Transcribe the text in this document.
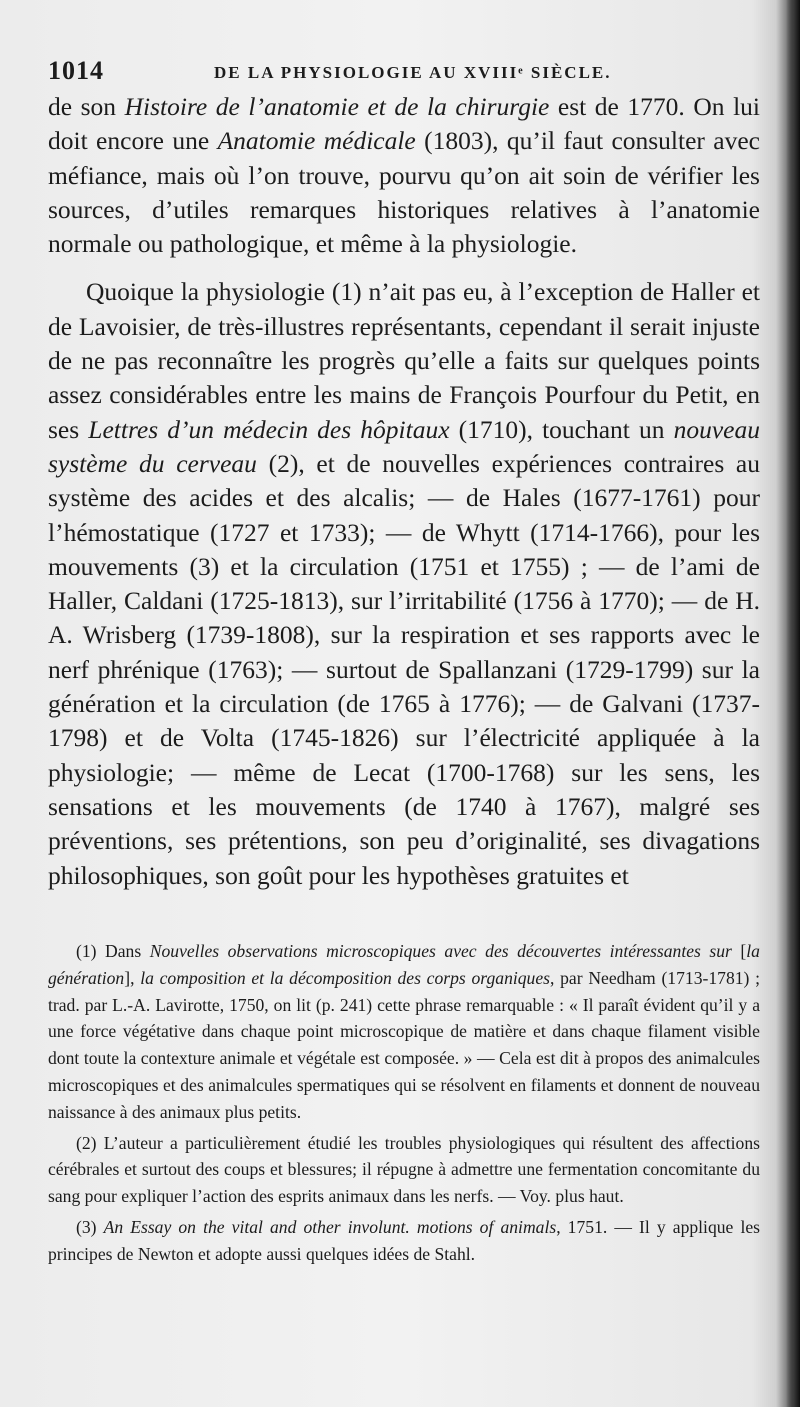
1014	DE LA PHYSIOLOGIE AU XVIIIᵉ SIÈCLE.

de son Histoire de l’anatomie et de la chirurgie est de 1770. On lui doit encore une Anatomie médicale (1803), qu’il faut consulter avec méfiance, mais où l’on trouve, pourvu qu’on ait soin de vérifier les sources, d’utiles remarques historiques relatives à l’anatomie normale ou pathologique, et même à la physiologie.

Quoique la physiologie (1) n’ait pas eu, à l’exception de Haller et de Lavoisier, de très-illustres représentants, cependant il serait injuste de ne pas reconnaître les progrès qu’elle a faits sur quelques points assez considérables entre les mains de François Pourfour du Petit, en ses Lettres d’un médecin des hôpitaux (1710), touchant un nouveau système du cerveau (2), et de nouvelles expériences contraires au système des acides et des alcalis; — de Hales (1677-1761) pour l’hémostatique (1727 et 1733); — de Whytt (1714-1766), pour les mouvements (3) et la circulation (1751 et 1755) ; — de l’ami de Haller, Caldani (1725-1813), sur l’irritabilité (1756 à 1770); — de H. A. Wrisberg (1739-1808), sur la respiration et ses rapports avec le nerf phrénique (1763); — surtout de Spallanzani (1729-1799) sur la génération et la circulation (de 1765 à 1776); — de Galvani (1737-1798) et de Volta (1745-1826) sur l’électricité appliquée à la physiologie; — même de Lecat (1700-1768) sur les sens, les sensations et les mouvements (de 1740 à 1767), malgré ses préventions, ses prétentions, son peu d’originalité, ses divagations philosophiques, son goût pour les hypothèses gratuites et

(1) Dans Nouvelles observations microscopiques avec des découvertes intéressantes sur [la génération], la composition et la décomposition des corps organiques, par Needham (1713-1781) ; trad. par L.-A. Lavirotte, 1750, on lit (p. 241) cette phrase remarquable : « Il paraît évident qu’il y a une force végétative dans chaque point microscopique de matière et dans chaque filament visible dont toute la contexture animale et végétale est composée. » — Cela est dit à propos des animalcules microscopiques et des animalcules spermatiques qui se résolvent en filaments et donnent de nouveau naissance à des animaux plus petits.

(2) L’auteur a particulièrement étudié les troubles physiologiques qui résultent des affections cérébrales et surtout des coups et blessures; il répugne à admettre une fermentation concomitante du sang pour expliquer l’action des esprits animaux dans les nerfs. — Voy. plus haut.

(3) An Essay on the vital and other involunt. motions of animals, 1751. — Il y applique les principes de Newton et adopte aussi quelques idées de Stahl.
